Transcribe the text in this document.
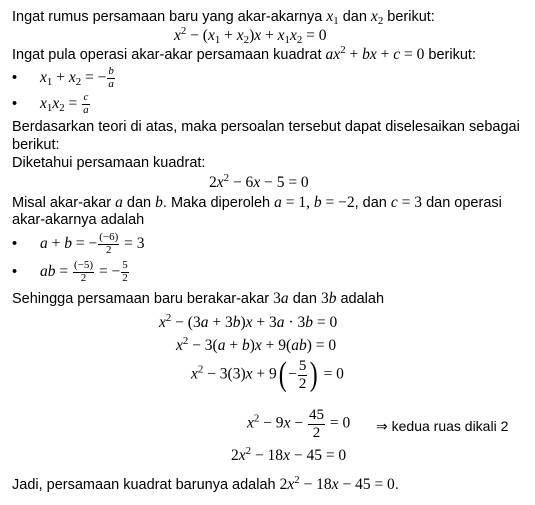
Ingat rumus persamaan baru yang akar-akarnya $x_1$ dan $x_2$ berikut:
$x^2 - (x_1 + x_2)x + x_1x_2 = 0$
Ingat pula operasi akar-akar persamaan kuadrat $ax^2$ + bx + c = 0 berikut:
• $x_1 + x_2$ = − $\frac{b}{a}$
• $x_1x_2 = \frac{c}{a}$
Berdasarkan teori di atas, maka persoalan tersebut dapat diselesaikan sebagai
berikut:
Diketahui persamaan kuadrat:
$2x^2 - 6x - 5 = 0$
Misal akar-akar a dan b. Maka diperoleh a = 1, b = −2, dan c = 3 dan operasi
akar-akarnya adalah
• a + b = − $\frac{(-6)}{2} = 3$
• ab = $\frac{(-5)}{2}$ = − $\frac{5}{2}$
Sehingga persamaan baru berakar-akar 3a dan 3b adalah
$x^2 - (3a + 3b)x + 3a \cdot 3b = 0$
$x^2 - 3(a + b)x + 9(ab) = 0$
$x^2 - 3(3)x + 9( - \frac{5}{2}$ ) = 0
$x^2 - 9x - \frac{45}{2} = 0$ ⇒ kedua ruas dikali 2
$2x^2 - 18x - 45 = 0$
Jadi, persamaan kuadrat barunya adalah $2x^2 - 18x - 45 = 0$.
